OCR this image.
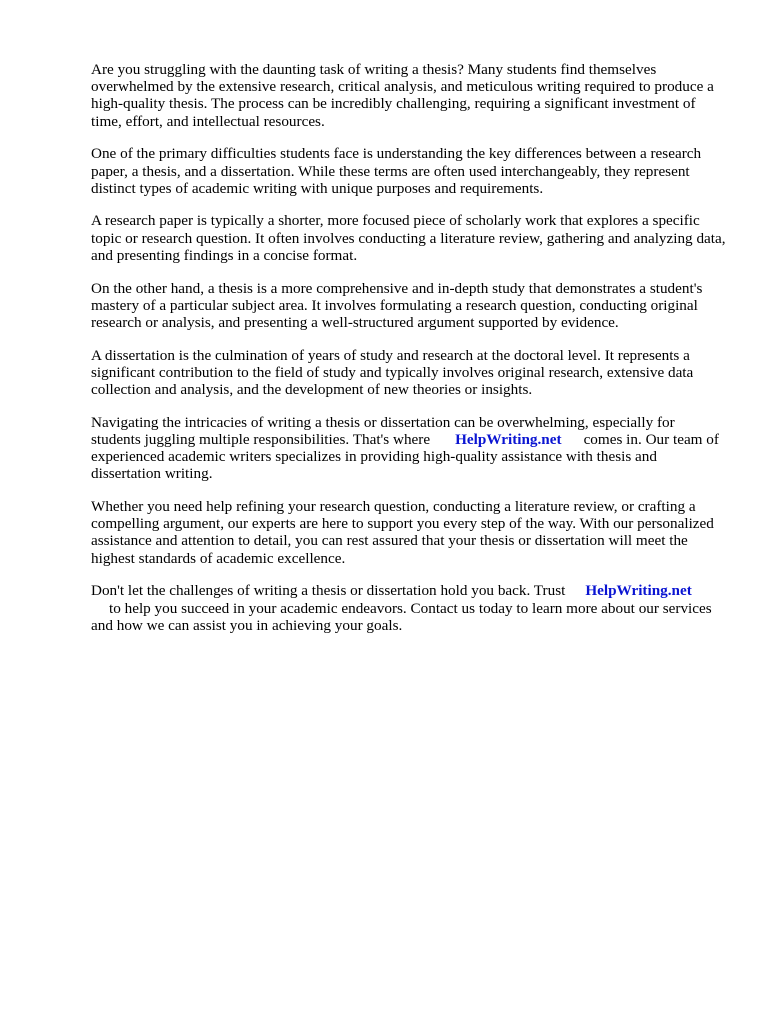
Are you struggling with the daunting task of writing a thesis? Many students find themselves overwhelmed by the extensive research, critical analysis, and meticulous writing required to produce a high-quality thesis. The process can be incredibly challenging, requiring a significant investment of time, effort, and intellectual resources.

One of the primary difficulties students face is understanding the key differences between a research paper, a thesis, and a dissertation. While these terms are often used interchangeably, they represent distinct types of academic writing with unique purposes and requirements.

A research paper is typically a shorter, more focused piece of scholarly work that explores a specific topic or research question. It often involves conducting a literature review, gathering and analyzing data, and presenting findings in a concise format.

On the other hand, a thesis is a more comprehensive and in-depth study that demonstrates a student's mastery of a particular subject area. It involves formulating a research question, conducting original research or analysis, and presenting a well-structured argument supported by evidence.

A dissertation is the culmination of years of study and research at the doctoral level. It represents a significant contribution to the field of study and typically involves original research, extensive data collection and analysis, and the development of new theories or insights.

Navigating the intricacies of writing a thesis or dissertation can be overwhelming, especially for students juggling multiple responsibilities. That's where HelpWriting.net comes in. Our team of experienced academic writers specializes in providing high-quality assistance with thesis and dissertation writing.

Whether you need help refining your research question, conducting a literature review, or crafting a compelling argument, our experts are here to support you every step of the way. With our personalized assistance and attention to detail, you can rest assured that your thesis or dissertation will meet the highest standards of academic excellence.

Don't let the challenges of writing a thesis or dissertation hold you back. Trust HelpWriting.net
to help you succeed in your academic endeavors. Contact us today to learn more about our services and how we can assist you in achieving your goals.
